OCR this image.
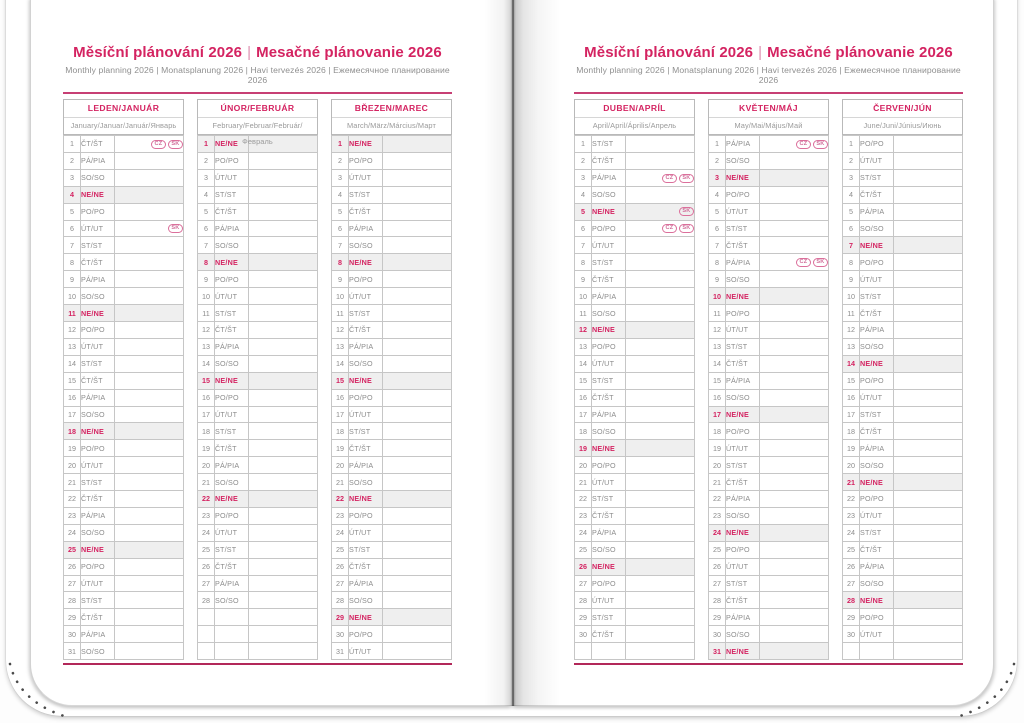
Měsíční plánování 2026 | Mesačné plánovanie 2026
Monthly planning 2026 | Monatsplanung 2026 | Havi tervezés 2026 | Ежемесячное планирование 2026
LEDEN/JANUÁR
January/Januar/Január/Январь
1	ČT/ŠT	CZ SK
2	PÁ/PIA	
3	SO/SO	
4	NE/NE	
5	PO/PO	
6	ÚT/UT	SK
7	ST/ST	
8	ČT/ŠT	
9	PÁ/PIA	
10	SO/SO	
11	NE/NE	
12	PO/PO	
13	ÚT/UT	
14	ST/ST	
15	ČT/ŠT	
16	PÁ/PIA	
17	SO/SO	
18	NE/NE	
19	PO/PO	
20	ÚT/UT	
21	ST/ST	
22	ČT/ŠT	
23	PÁ/PIA	
24	SO/SO	
25	NE/NE	
26	PO/PO	
27	ÚT/UT	
28	ST/ST	
29	ČT/ŠT	
30	PÁ/PIA	
31	SO/SO	
ÚNOR/FEBRUÁR
February/Februar/Február/Февраль
1	NE/NE	
2	PO/PO	
3	ÚT/UT	
4	ST/ST	
5	ČT/ŠT	
6	PÁ/PIA	
7	SO/SO	
8	NE/NE	
9	PO/PO	
10	ÚT/UT	
11	ST/ST	
12	ČT/ŠT	
13	PÁ/PIA	
14	SO/SO	
15	NE/NE	
16	PO/PO	
17	ÚT/UT	
18	ST/ST	
19	ČT/ŠT	
20	PÁ/PIA	
21	SO/SO	
22	NE/NE	
23	PO/PO	
24	ÚT/UT	
25	ST/ST	
26	ČT/ŠT	
27	PÁ/PIA	
28	SO/SO	

BŘEZEN/MAREC
March/März/Március/Март
1	NE/NE	
2	PO/PO	
3	ÚT/UT	
4	ST/ST	
5	ČT/ŠT	
6	PÁ/PIA	
7	SO/SO	
8	NE/NE	
9	PO/PO	
10	ÚT/UT	
11	ST/ST	
12	ČT/ŠT	
13	PÁ/PIA	
14	SO/SO	
15	NE/NE	
16	PO/PO	
17	ÚT/UT	
18	ST/ST	
19	ČT/ŠT	
20	PÁ/PIA	
21	SO/SO	
22	NE/NE	
23	PO/PO	
24	ÚT/UT	
25	ST/ST	
26	ČT/ŠT	
27	PÁ/PIA	
28	SO/SO	
29	NE/NE	
30	PO/PO	
31	ÚT/UT	
Měsíční plánování 2026 | Mesačné plánovanie 2026
Monthly planning 2026 | Monatsplanung 2026 | Havi tervezés 2026 | Ежемесячное планирование 2026
DUBEN/APRÍL
April/April/Április/Апрель
1	ST/ST	
2	ČT/ŠT	
3	PÁ/PIA	CZ SK
4	SO/SO	
5	NE/NE	SK
6	PO/PO	CZ SK
7	ÚT/UT	
8	ST/ST	
9	ČT/ŠT	
10	PÁ/PIA	
11	SO/SO	
12	NE/NE	
13	PO/PO	
14	ÚT/UT	
15	ST/ST	
16	ČT/ŠT	
17	PÁ/PIA	
18	SO/SO	
19	NE/NE	
20	PO/PO	
21	ÚT/UT	
22	ST/ST	
23	ČT/ŠT	
24	PÁ/PIA	
25	SO/SO	
26	NE/NE	
27	PO/PO	
28	ÚT/UT	
29	ST/ST	
30	ČT/ŠT	

KVĚTEN/MÁJ
May/Mai/Május/Май
1	PÁ/PIA	CZ SK
2	SO/SO	
3	NE/NE	
4	PO/PO	
5	ÚT/UT	
6	ST/ST	
7	ČT/ŠT	
8	PÁ/PIA	CZ SK
9	SO/SO	
10	NE/NE	
11	PO/PO	
12	ÚT/UT	
13	ST/ST	
14	ČT/ŠT	
15	PÁ/PIA	
16	SO/SO	
17	NE/NE	
18	PO/PO	
19	ÚT/UT	
20	ST/ST	
21	ČT/ŠT	
22	PÁ/PIA	
23	SO/SO	
24	NE/NE	
25	PO/PO	
26	ÚT/UT	
27	ST/ST	
28	ČT/ŠT	
29	PÁ/PIA	
30	SO/SO	
31	NE/NE	
ČERVEN/JÚN
June/Juni/Június/Июнь
1	PO/PO	
2	ÚT/UT	
3	ST/ST	
4	ČT/ŠT	
5	PÁ/PIA	
6	SO/SO	
7	NE/NE	
8	PO/PO	
9	ÚT/UT	
10	ST/ST	
11	ČT/ŠT	
12	PÁ/PIA	
13	SO/SO	
14	NE/NE	
15	PO/PO	
16	ÚT/UT	
17	ST/ST	
18	ČT/ŠT	
19	PÁ/PIA	
20	SO/SO	
21	NE/NE	
22	PO/PO	
23	ÚT/UT	
24	ST/ST	
25	ČT/ŠT	
26	PÁ/PIA	
27	SO/SO	
28	NE/NE	
29	PO/PO	
30	ÚT/UT	
